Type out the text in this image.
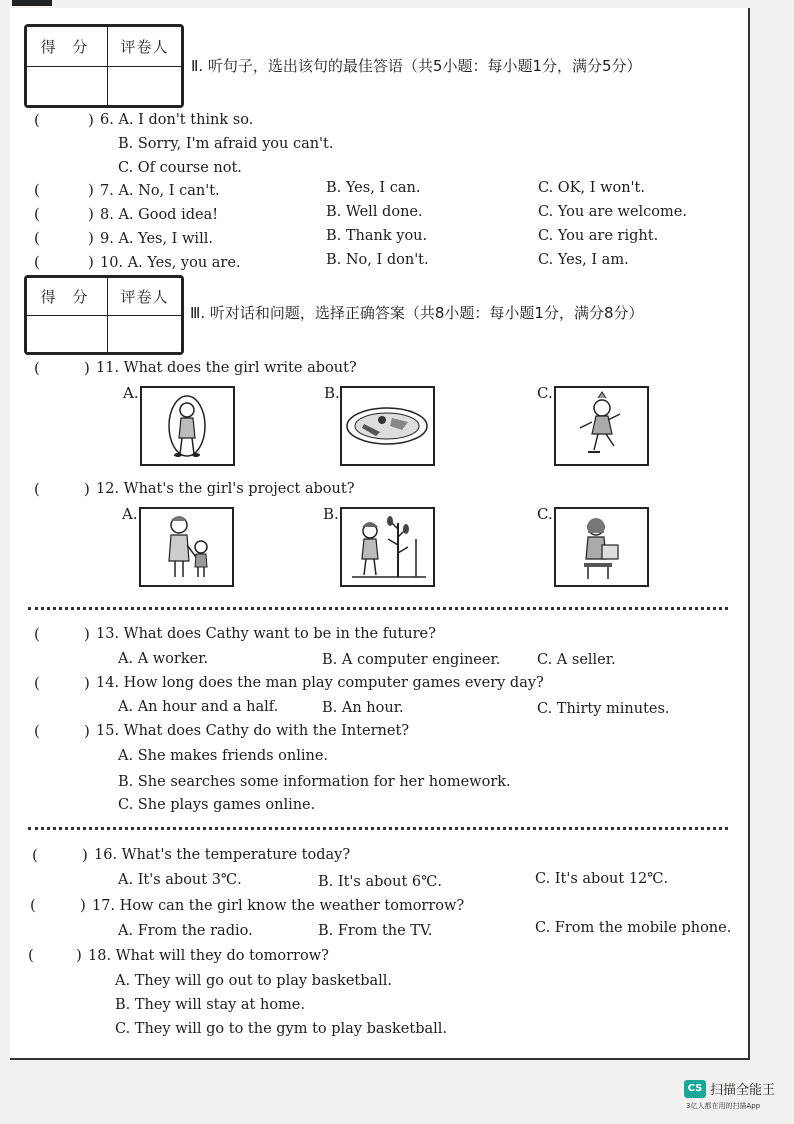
得 分	评卷人

Ⅱ. 听句子，选出该句的最佳答语（共5小题：每小题1分，满分5分）
(	) 6. A. I don't think so.
B. Sorry, I'm afraid you can't.
C. Of course not.
(	) 7. A. No, I can't.	B. Yes, I can.	C. OK, I won't.
(	) 8. A. Good idea!	B. Well done.	C. You are welcome.
(	) 9. A. Yes, I will.	B. Thank you.	C. You are right.
(	) 10. A. Yes, you are.	B. No, I don't.	C. Yes, I am.
得 分	评卷人

Ⅲ. 听对话和问题，选择正确答案（共8小题：每小题1分，满分8分）
(	) 11. What does the girl write about?
A.	B.	C.
(	) 12. What's the girl's project about?
A.	B.	C.
(	) 13. What does Cathy want to be in the future?
A. A worker.	B. A computer engineer.	C. A seller.
(	) 14. How long does the man play computer games every day?
A. An hour and a half.	B. An hour.	C. Thirty minutes.
(	) 15. What does Cathy do with the Internet?
A. She makes friends online.
B. She searches some information for her homework.
C. She plays games online.
(	) 16. What's the temperature today?
A. It's about 3℃.	B. It's about 6℃.	C. It's about 12℃.
(	) 17. How can the girl know the weather tomorrow?
A. From the radio.	B. From the TV.	C. From the mobile phone.
(	) 18. What will they do tomorrow?
A. They will go out to play basketball.
B. They will stay at home.
C. They will go to the gym to play basketball.
CS 扫描全能王
3亿人都在用的扫描App
